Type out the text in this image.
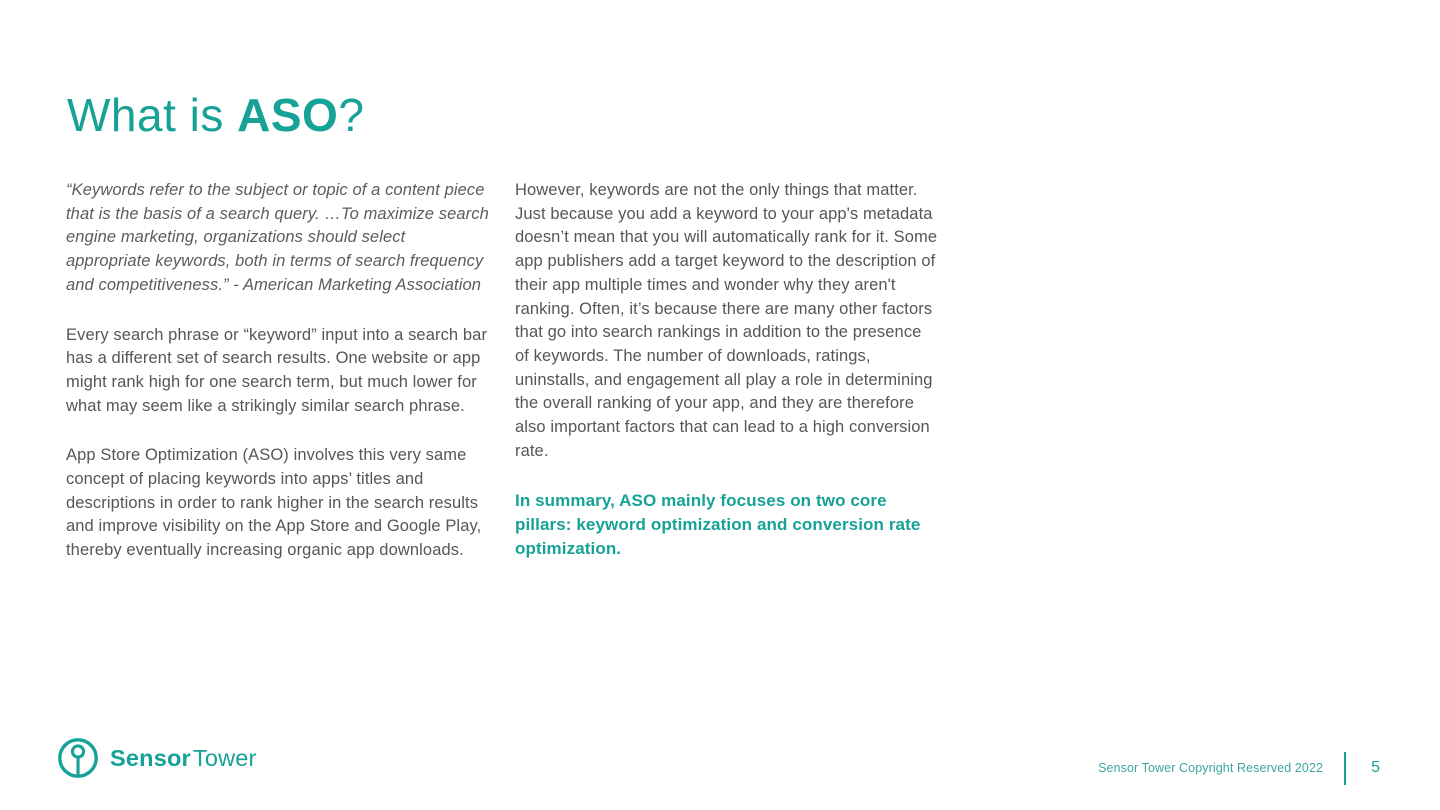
What is ASO?

“Keywords refer to the subject or topic of a content piece that is the basis of a search query. …To maximize search engine marketing, organizations should select appropriate keywords, both in terms of search frequency and competitiveness.” - American Marketing Association

Every search phrase or “keyword” input into a search bar has a different set of search results. One website or app might rank high for one search term, but much lower for what may seem like a strikingly similar search phrase.

App Store Optimization (ASO) involves this very same concept of placing keywords into apps’ titles and descriptions in order to rank higher in the search results and improve visibility on the App Store and Google Play, thereby eventually increasing organic app downloads.

However, keywords are not the only things that matter. Just because you add a keyword to your app's metadata doesn’t mean that you will automatically rank for it. Some app publishers add a target keyword to the description of their app multiple times and wonder why they aren't ranking. Often, it’s because there are many other factors that go into search rankings in addition to the presence of keywords. The number of downloads, ratings, uninstalls, and engagement all play a role in determining the overall ranking of your app, and they are therefore also important factors that can lead to a high conversion rate.

In summary, ASO mainly focuses on two core pillars: keyword optimization and conversion rate optimization.

Sensor Tower	Sensor Tower Copyright Reserved 2022	5
